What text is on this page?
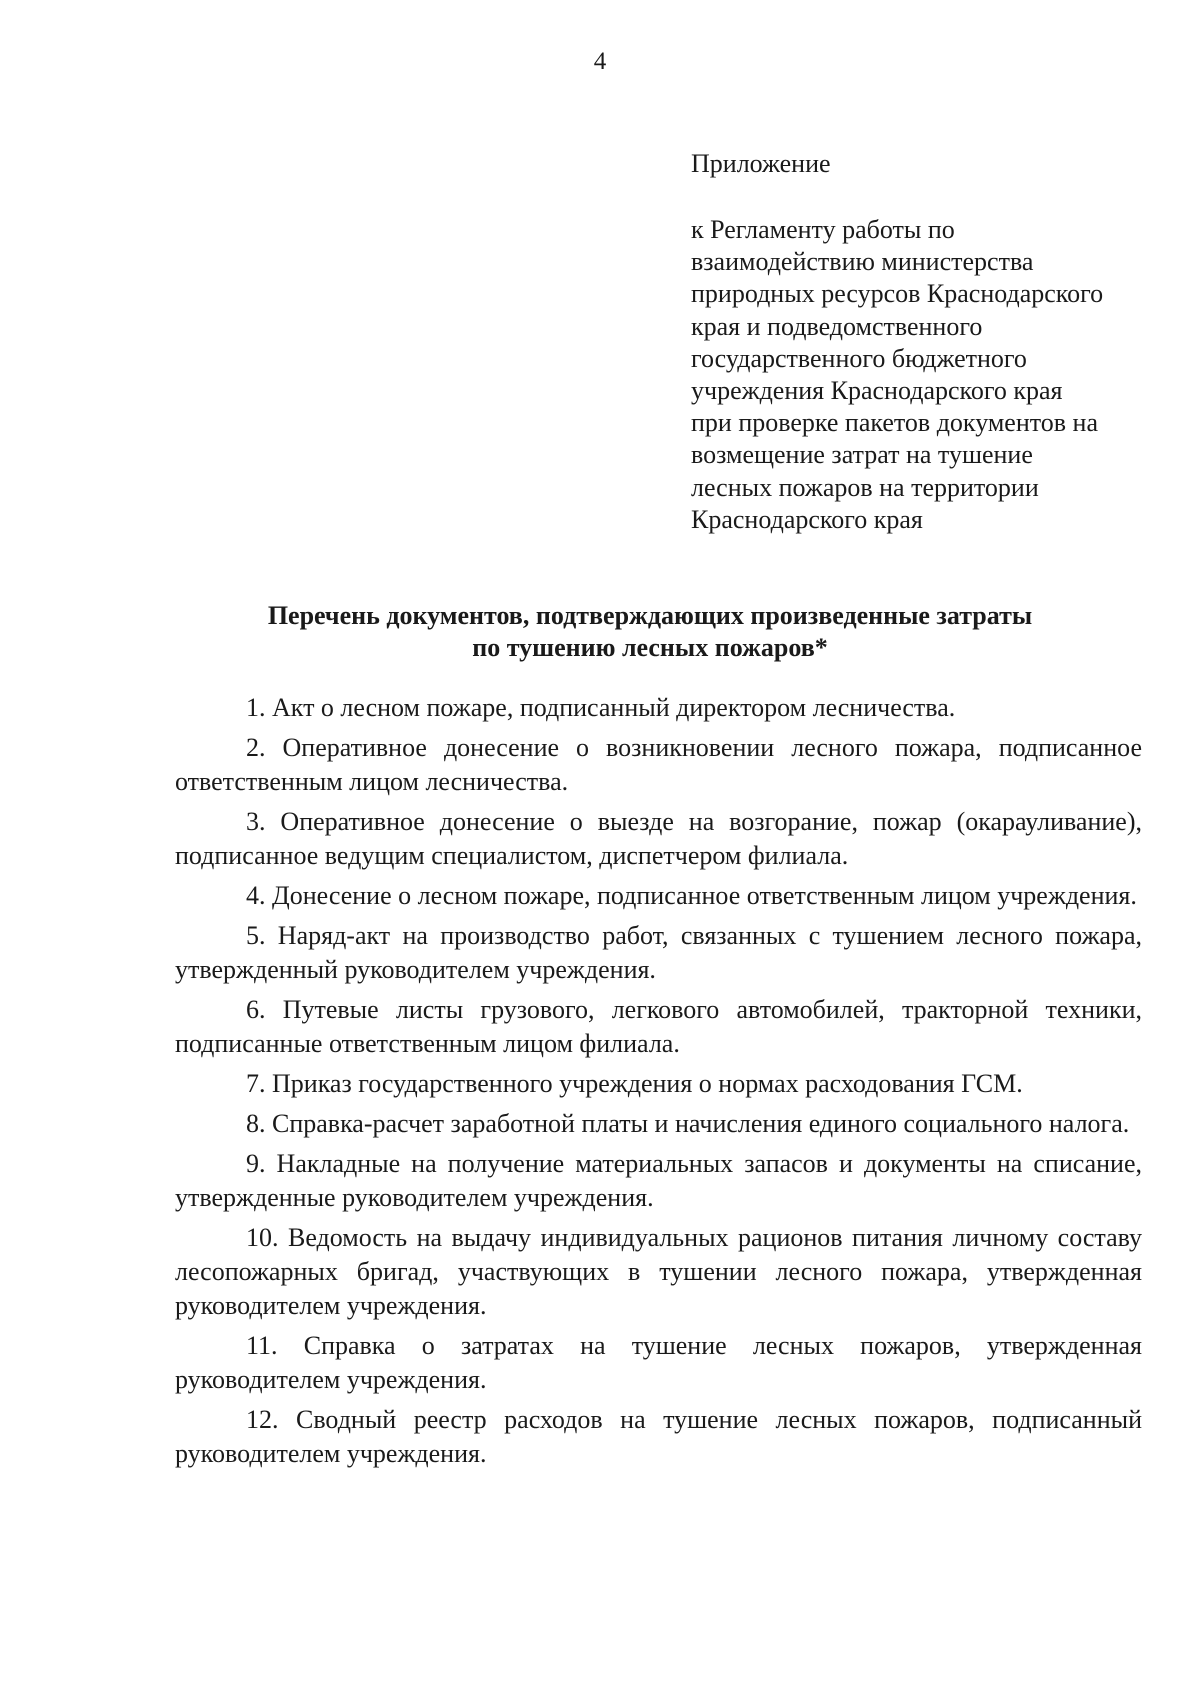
4
Приложение
к Регламенту работы по
взаимодействию министерства
природных ресурсов Краснодарского
края и подведомственного
государственного бюджетного
учреждения Краснодарского края
при проверке пакетов документов на
возмещение затрат на тушение
лесных пожаров на территории
Краснодарского края
Перечень документов, подтверждающих произведенные затраты
по тушению лесных пожаров*

1. Акт о лесном пожаре, подписанный директором лесничества.

2. Оперативное донесение о возникновении лесного пожара, подписанное ответственным лицом лесничества.

3. Оперативное донесение о выезде на возгорание, пожар (окарауливание), подписанное ведущим специалистом, диспетчером филиала.

4. Донесение о лесном пожаре, подписанное ответственным лицом учреждения.

5. Наряд-акт на производство работ, связанных с тушением лесного пожара, утвержденный руководителем учреждения.

6. Путевые листы грузового, легкового автомобилей, тракторной техники, подписанные ответственным лицом филиала.

7. Приказ государственного учреждения о нормах расходования ГСМ.

8. Справка-расчет заработной платы и начисления единого социального налога.

9. Накладные на получение материальных запасов и документы на списание, утвержденные руководителем учреждения.

10. Ведомость на выдачу индивидуальных рационов питания личному составу лесопожарных бригад, участвующих в тушении лесного пожара, утвержденная руководителем учреждения.

11. Справка о затратах на тушение лесных пожаров, утвержденная руководителем учреждения.

12. Сводный реестр расходов на тушение лесных пожаров, подписанный руководителем учреждения.
